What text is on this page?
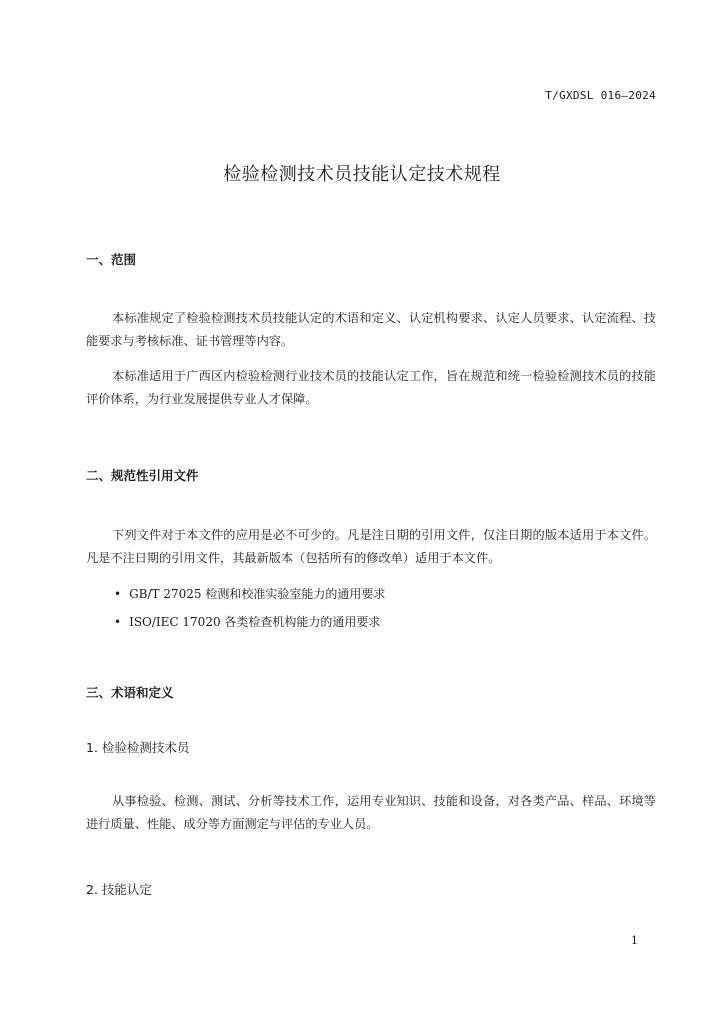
T/GXDSL 016—2024
检验检测技术员技能认定技术规程
一、范围
本标准规定了检验检测技术员技能认定的术语和定义、认定机构要求、认定人员要求、认定流程、技能要求与考核标准、证书管理等内容。
本标准适用于广西区内检验检测行业技术员的技能认定工作，旨在规范和统一检验检测技术员的技能评价体系，为行业发展提供专业人才保障。
二、规范性引用文件
下列文件对于本文件的应用是必不可少的。凡是注日期的引用文件，仅注日期的版本适用于本文件。凡是不注日期的引用文件，其最新版本（包括所有的修改单）适用于本文件。
• GB/T 27025 检测和校准实验室能力的通用要求
• ISO/IEC 17020 各类检查机构能力的通用要求
三、术语和定义
1. 检验检测技术员
从事检验、检测、测试、分析等技术工作，运用专业知识、技能和设备，对各类产品、样品、环境等进行质量、性能、成分等方面测定与评估的专业人员。
2. 技能认定
1
